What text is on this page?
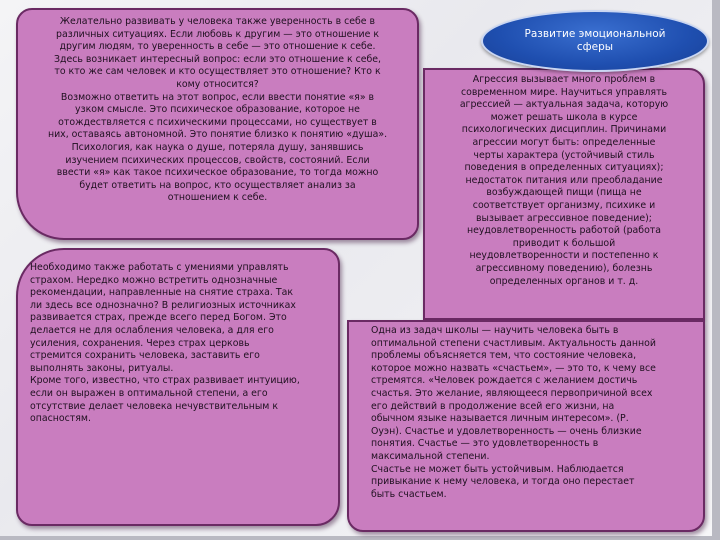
Желательно развивать у человека также уверенность в себе в
различных ситуациях. Если любовь к другим — это отношение к
другим людям, то уверенность в себе — это отношение к себе.
Здесь возникает интересный вопрос: если это отношение к себе,
то кто же сам человек и кто осуществляет это отношение? Кто к
кому относится?
Возможно ответить на этот вопрос, если ввести понятие «я» в
узком смысле. Это психическое образование, которое не
отождествляется с психическими процессами, но существует в
них, оставаясь автономной. Это понятие близко к понятию «душа».
Психология, как наука о душе, потеряла душу, занявшись
изучением психических процессов, свойств, состояний. Если
ввести «я» как такое психическое образование, то тогда можно
будет ответить на вопрос, кто осуществляет анализ за
отношением к себе.

Необходимо также работать с умениями управлять
страхом. Нередко можно встретить однозначные
рекомендации, направленные на снятие страха. Так
ли здесь все однозначно? В религиозных источниках
развивается страх, прежде всего перед Богом. Это
делается не для ослабления человека, а для его
усиления, сохранения. Через страх церковь
стремится сохранить человека, заставить его
выполнять законы, ритуалы.
Кроме того, известно, что страх развивает интуицию,
если он выражен в оптимальной степени, а его
отсутствие делает человека нечувствительным к
опасностям.

Агрессия вызывает много проблем в
современном мире. Научиться управлять
агрессией — актуальная задача, которую
может решать школа в курсе
психологических дисциплин. Причинами
агрессии могут быть: определенные
черты характера (устойчивый стиль
поведения в определенных ситуациях);
недостаток питания или преобладание
возбуждающей пищи (пища не
соответствует организму, психике и
вызывает агрессивное поведение);
неудовлетворенность работой (работа
приводит к большой
неудовлетворенности и постепенно к
агрессивному поведению), болезнь
определенных органов и т. д.

Одна из задач школы — научить человека быть в
оптимальной степени счастливым. Актуальность данной
проблемы объясняется тем, что состояние человека,
которое можно назвать «счастьем», — это то, к чему все
стремятся. «Человек рождается с желанием достичь
счастья. Это желание, являющееся первопричиной всех
его действий в продолжение всей его жизни, на
обычном языке называется личным интересом». (Р.
Оуэн). Счастье и удовлетворенность — очень близкие
понятия. Счастье — это удовлетворенность в
максимальной степени.
Счастье не может быть устойчивым. Наблюдается
привыкание к нему человека, и тогда оно перестает
быть счастьем.

Развитие эмоциональной
сферы
